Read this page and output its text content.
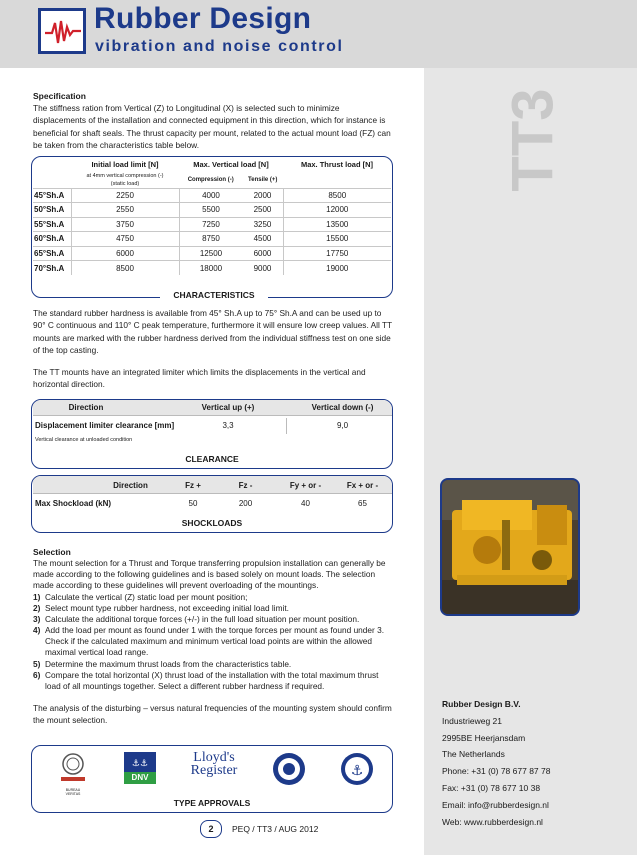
Rubber Design
vibration and noise control
TT3
Specification
The stiffness ration from Vertical (Z) to Longitudinal (X) is selected such to minimize displacements of the installation and connected equipment in this direction, which for instance is beneficial for shaft seals. The thrust capacity per mount, related to the actual mount load (FZ) can be taken from the characteristics table below.
	Initial load limit [N]	Max. Vertical load [N]		Max. Thrust load [N]

	at 4mm vertical compression (-)
(static load)	Compression (-)	Tensile (+)	
45°Sh.A	2250	4000	2000	8500
50°Sh.A	2550	5500	2500	12000
55°Sh.A	3750	7250	3250	13500
60°Sh.A	4750	8750	4500	15500
65°Sh.A	6000	12500	6000	17750
70°Sh.A	8500	18000	9000	19000
CHARACTERISTICS
The standard rubber hardness is available from 45° Sh.A up to 75° Sh.A and can be used up to 90° C continuous and 110° C peak temperature, furthermore it will ensure low creep values. All TT mounts are marked with the rubber hardness derived from the individual stiffness test on one side of the top casting.
The TT mounts have an integrated limiter which limits the displacements in the vertical and horizontal direction.
Direction	Vertical up (+)	Vertical down (-)
Displacement limiter clearance [mm]	3,3	9,0
Vertical clearance at unloaded condition
CLEARANCE
Direction	Fz +	Fz -	Fy + or -	Fx + or -
Max Shockload (kN)	50	200	40	65
SHOCKLOADS
Selection
The mount selection for a Thrust and Torque transferring propulsion installation can generally be made according to the following guidelines and is based solely on mount loads. The selection made according to these guidelines will prevent overloading of the mountings.
1) Calculate the vertical (Z) static load per mount position;
2) Select mount type rubber hardness, not exceeding initial load limit.
3) Calculate the additional torque forces (+/-) in the full load situation per mount position.
4) Add the load per mount as found under 1 with the torque forces per mount as found under 3. Check if the calculated maximum and minimum vertical load points are within the allowed maximal vertical load range.
5) Determine the maximum thrust loads from the characteristics table.
6) Compare the total horizontal (X) thrust load of the installation with the total maximum thrust load of all mountings together. Select a different rubber hardness if required.
The analysis of the disturbing – versus natural frequencies of the mounting system should confirm the mount selection.
BUREAU VERITAS
⚓⚓
DNV
Lloyd's
Register	⚓
TYPE APPROVALS
Rubber Design B.V.
Industrieweg 21
2995BE Heerjansdam
The Netherlands
Phone: +31 (0) 78 677 87 78
Fax: +31 (0) 78 677 10 38
Email: info@rubberdesign.nl
Web: www.rubberdesign.nl
2	PEQ / TT3 / AUG 2012
